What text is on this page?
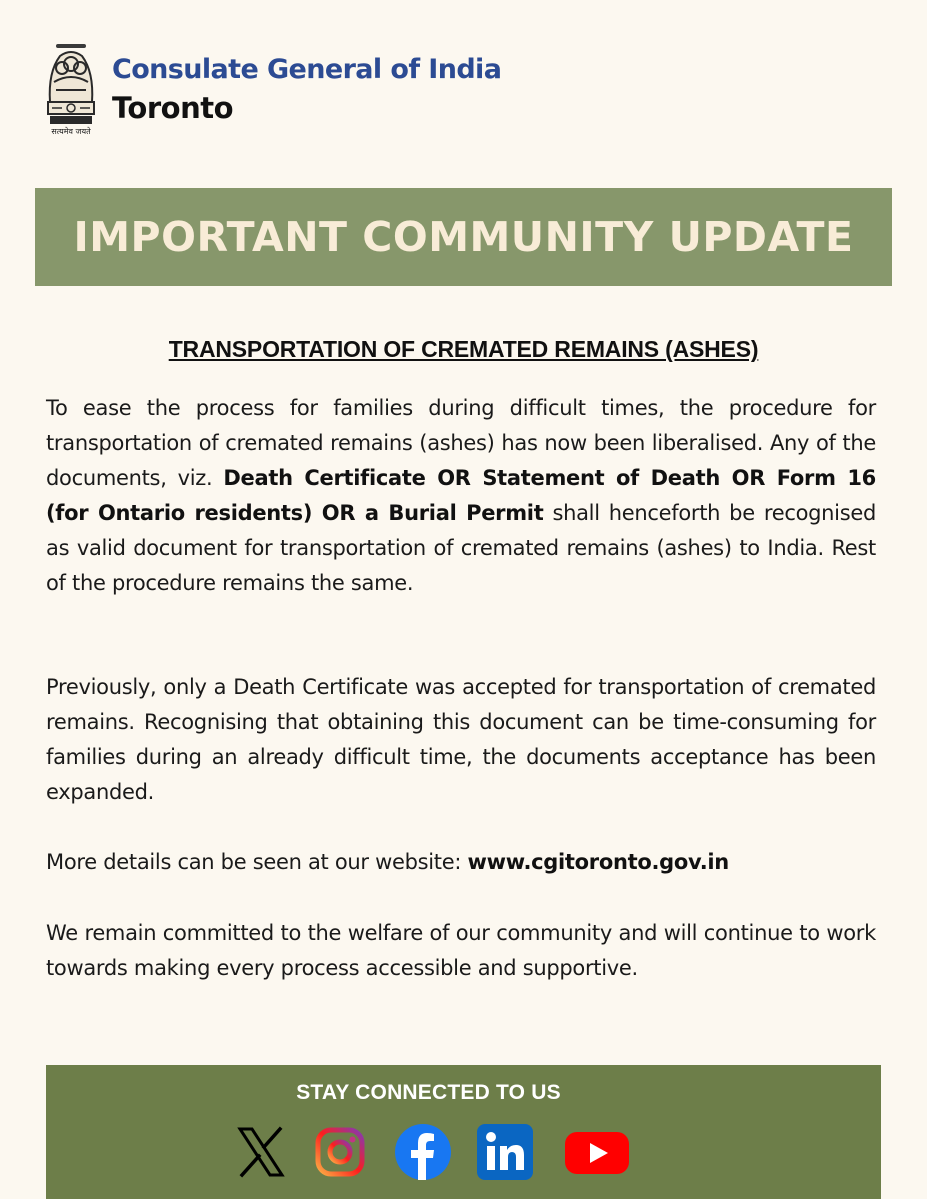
सत्यमेव जयते
Consulate General of India
Toronto
IMPORTANT COMMUNITY UPDATE
TRANSPORTATION OF CREMATED REMAINS (ASHES)

To ease the process for families during difficult times, the procedure for transportation of cremated remains (ashes) has now been liberalised. Any of the documents, viz. Death Certificate OR Statement of Death OR Form 16 (for Ontario residents) OR a Burial Permit shall henceforth be recognised as valid document for transportation of cremated remains (ashes) to India. Rest of the procedure remains the same.

Previously, only a Death Certificate was accepted for transportation of cremated remains. Recognising that obtaining this document can be time-consuming for families during an already difficult time, the documents acceptance has been expanded.

More details can be seen at our website: www.cgitoronto.gov.in

We remain committed to the welfare of our community and will continue to work towards making every process accessible and supportive.

STAY CONNECTED TO US
